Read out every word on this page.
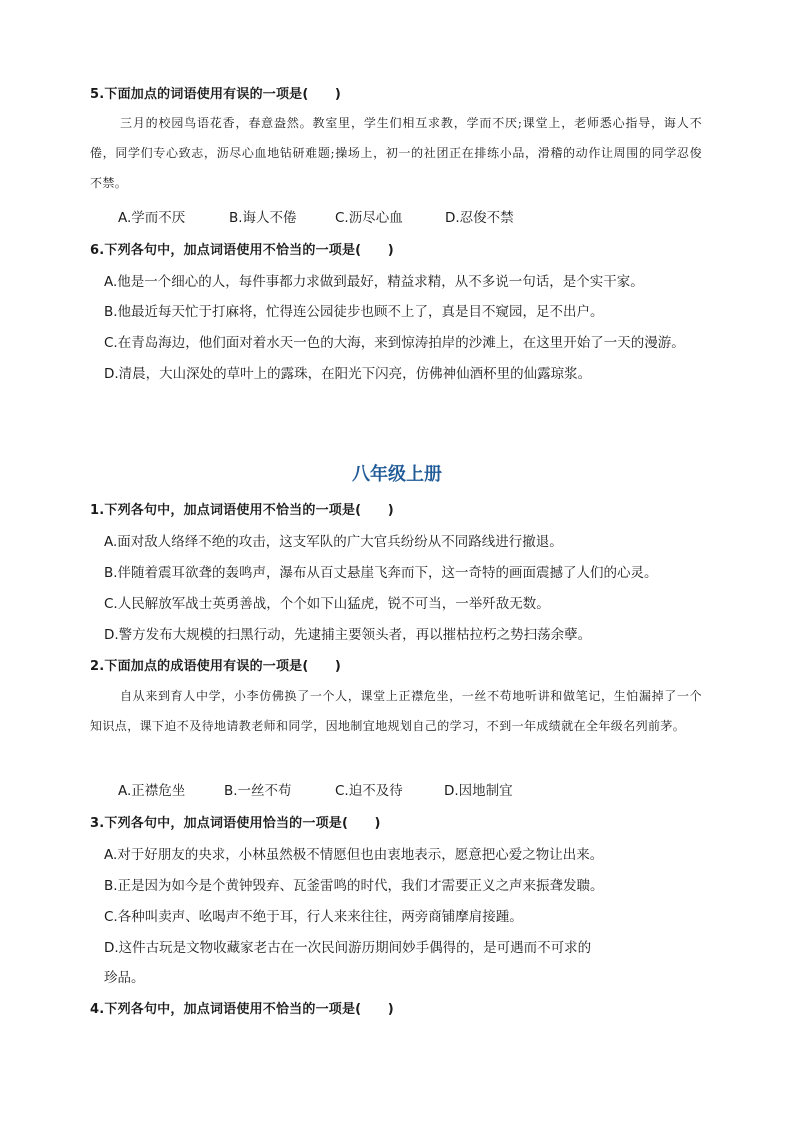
5.下面加点的词语使用有误的一项是(　　)
三月的校园鸟语花香，春意盎然。教室里，学生们相互求教，学而不厌;课堂上，老师悉心指导，诲人不倦，同学们专心致志，沥尽心血地钻研难题;操场上，初一的社团正在排练小品，滑稽的动作让周围的同学忍俊不禁。
A.学而不厌	B.诲人不倦	C.沥尽心血	D.忍俊不禁
6.下列各句中，加点词语使用不恰当的一项是(　　)
A.他是一个细心的人，每件事都力求做到最好，精益求精，从不多说一句话，是个实干家。
B.他最近每天忙于打麻将，忙得连公园徒步也顾不上了，真是目不窥园，足不出户。
C.在青岛海边，他们面对着水天一色的大海，来到惊涛拍岸的沙滩上，在这里开始了一天的漫游。
D.清晨，大山深处的草叶上的露珠，在阳光下闪亮，仿佛神仙酒杯里的仙露琼浆。
八年级上册
1.下列各句中，加点词语使用不恰当的一项是(　　)
A.面对敌人络绎不绝的攻击，这支军队的广大官兵纷纷从不同路线进行撤退。
B.伴随着震耳欲聋的轰鸣声，瀑布从百丈悬崖飞奔而下，这一奇特的画面震撼了人们的心灵。
C.人民解放军战士英勇善战，个个如下山猛虎，锐不可当，一举歼敌无数。
D.警方发布大规模的扫黑行动，先逮捕主要领头者，再以摧枯拉朽之势扫荡余孽。
2.下面加点的成语使用有误的一项是(　　)
自从来到育人中学，小李仿佛换了一个人，课堂上正襟危坐，一丝不苟地听讲和做笔记，生怕漏掉了一个知识点，课下迫不及待地请教老师和同学，因地制宜地规划自己的学习，不到一年成绩就在全年级名列前茅。
A.正襟危坐	B.一丝不苟	C.迫不及待	D.因地制宜
3.下列各句中，加点词语使用恰当的一项是(　　)
A.对于好朋友的央求，小林虽然极不情愿但也由衷地表示，愿意把心爱之物让出来。
B.正是因为如今是个黄钟毁弃、瓦釜雷鸣的时代，我们才需要正义之声来振聋发聩。
C.各种叫卖声、吆喝声不绝于耳，行人来来往往，两旁商铺摩肩接踵。
D.这件古玩是文物收藏家老古在一次民间游历期间妙手偶得的，是可遇而不可求的
珍品。
4.下列各句中，加点词语使用不恰当的一项是(　　)
